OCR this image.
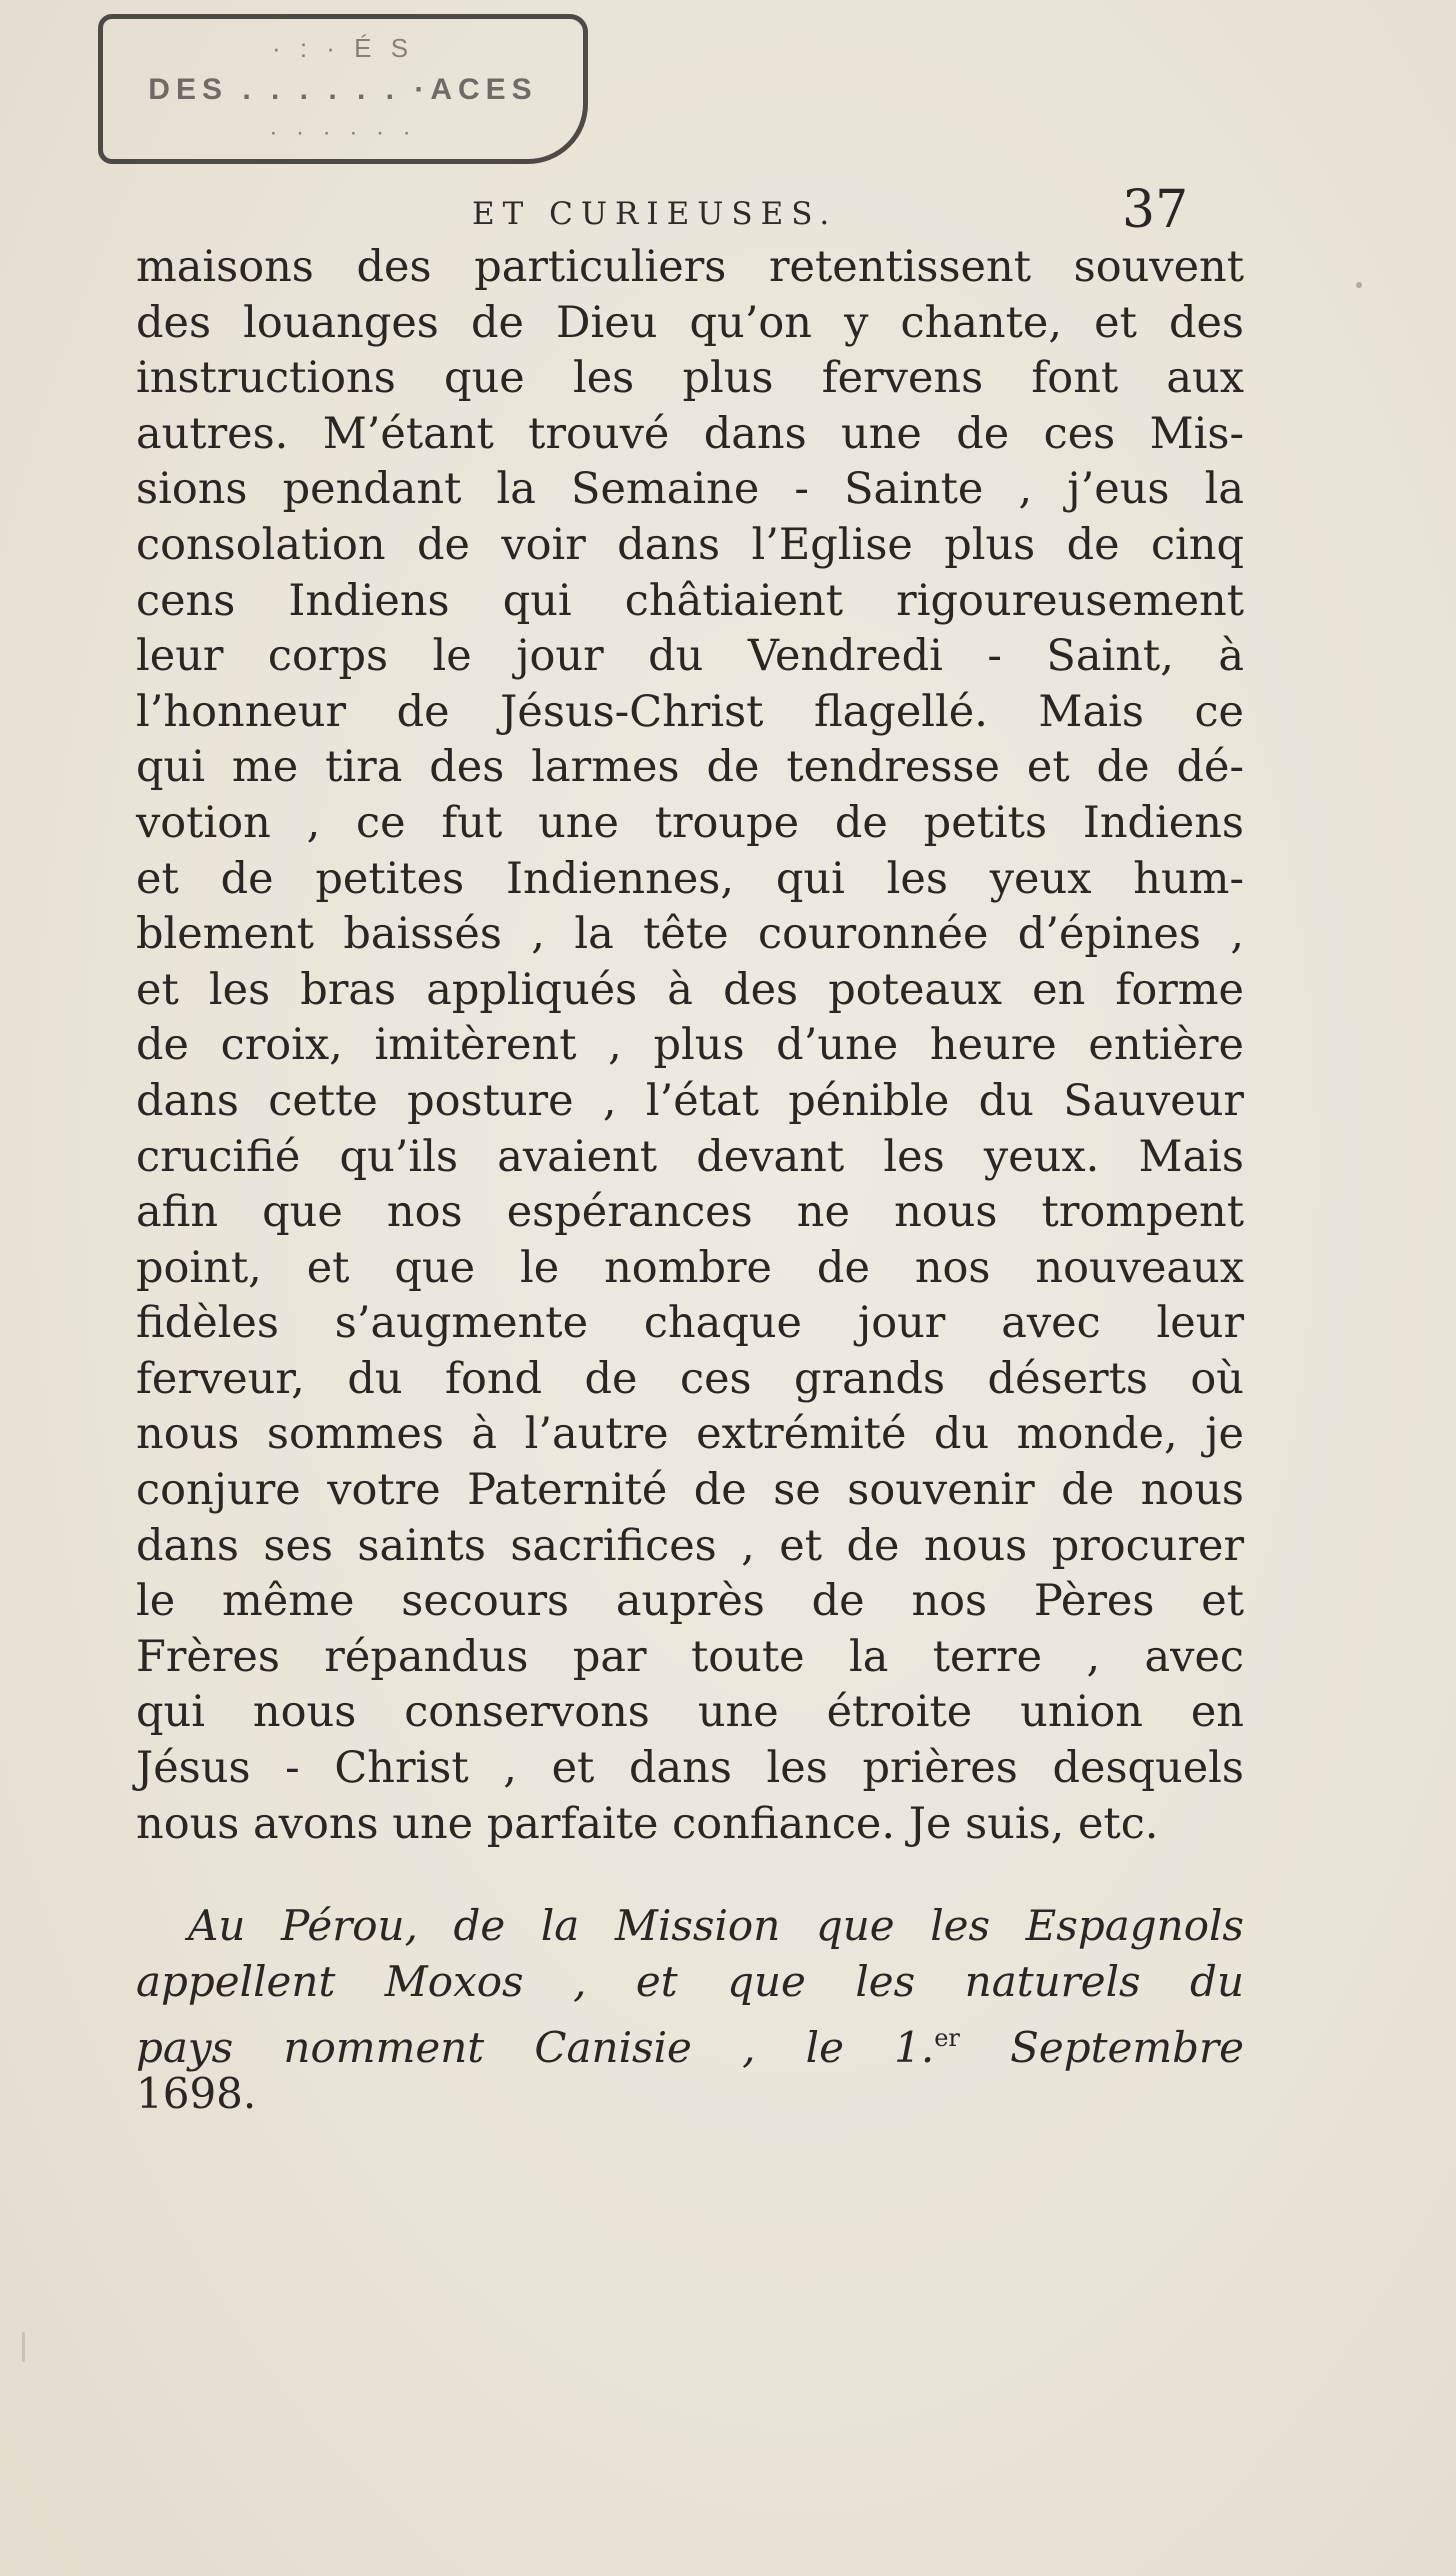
· : · É S
DES . . . . . . ·ACES
· · · · · ·
ET CURIEUSES.	37
maisons des particuliers retentissent souvent
des louanges de Dieu qu’on y chante, et des
instructions que les plus fervens font aux
autres. M’étant trouvé dans une de ces Mis-
sions pendant la Semaine - Sainte , j’eus la
consolation de voir dans l’Eglise plus de cinq
cens Indiens qui châtiaient rigoureusement
leur corps le jour du Vendredi - Saint, à
l’honneur de Jésus-Christ flagellé. Mais ce
qui me tira des larmes de tendresse et de dé-
votion , ce fut une troupe de petits Indiens
et de petites Indiennes, qui les yeux hum-
blement baissés , la tête couronnée d’épines ,
et les bras appliqués à des poteaux en forme
de croix, imitèrent , plus d’une heure entière
dans cette posture , l’état pénible du Sauveur
crucifié qu’ils avaient devant les yeux. Mais
afin que nos espérances ne nous trompent
point, et que le nombre de nos nouveaux
fidèles s’augmente chaque jour avec leur
ferveur, du fond de ces grands déserts où
nous sommes à l’autre extrémité du monde, je
conjure votre Paternité de se souvenir de nous
dans ses saints sacrifices , et de nous procurer
le même secours auprès de nos Pères et
Frères répandus par toute la terre , avec
qui nous conservons une étroite union en
Jésus - Christ , et dans les prières desquels
nous avons une parfaite confiance. Je suis, etc.
Au Pérou, de la Mission que les Espagnols
appellent Moxos , et que les naturels du
pays nomment Canisie , le 1.$^{er}$ Septembre
1698.
